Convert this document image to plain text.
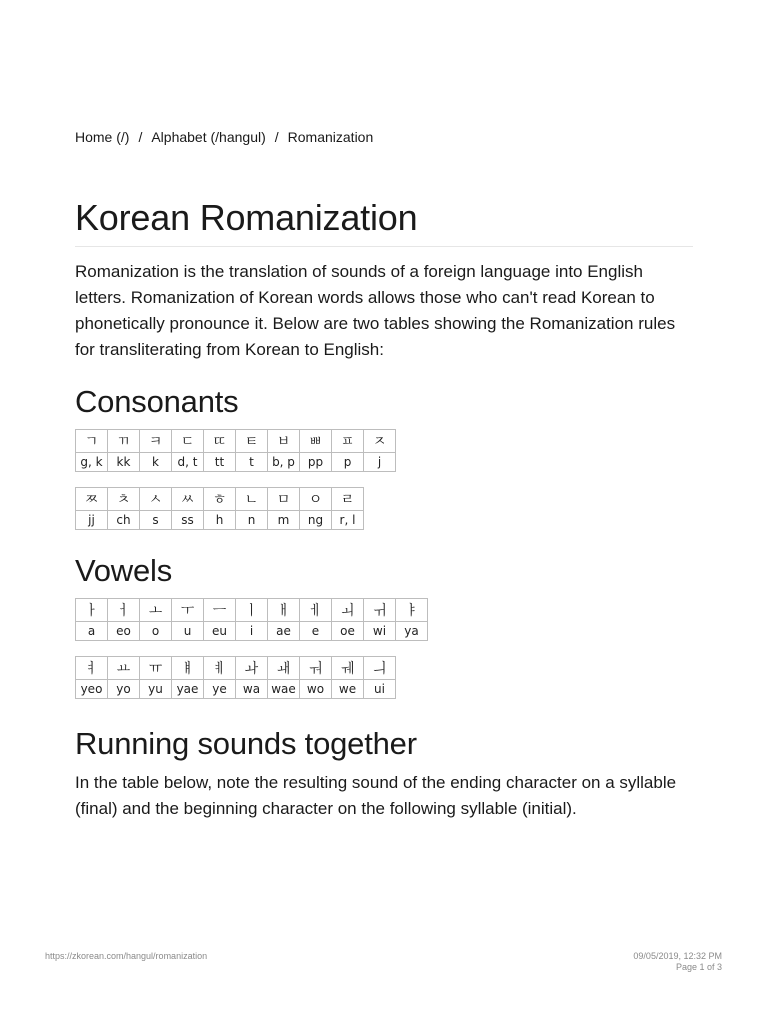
Home (/) / Alphabet (/hangul) / Romanization
Korean Romanization

Romanization is the translation of sounds of a foreign language into English letters. Romanization of Korean words allows those who can't read Korean to phonetically pronounce it. Below are two tables showing the Romanization rules for transliterating from Korean to English:

Consonants
ㄱ	ㄲ	ㅋ	ㄷ	ㄸ	ㅌ	ㅂ	ㅃ	ㅍ	ㅈ
g, k	kk	k	d, t	tt	t	b, p	pp	p	j
ㅉ	ㅊ	ㅅ	ㅆ	ㅎ	ㄴ	ㅁ	ㅇ	ㄹ
jj	ch	s	ss	h	n	m	ng	r, l
Vowels
ㅏ	ㅓ	ㅗ	ㅜ	ㅡ	ㅣ	ㅐ	ㅔ	ㅚ	ㅟ	ㅑ
a	eo	o	u	eu	i	ae	e	oe	wi	ya
ㅕ	ㅛ	ㅠ	ㅒ	ㅖ	ㅘ	ㅙ	ㅝ	ㅞ	ㅢ
yeo	yo	yu	yae	ye	wa	wae	wo	we	ui
Running sounds together

In the table below, note the resulting sound of the ending character on a syllable (final) and the beginning character on the following syllable (initial).

https://zkorean.com/hangul/romanization	09/05/2019, 12:32 PM
Page 1 of 3
